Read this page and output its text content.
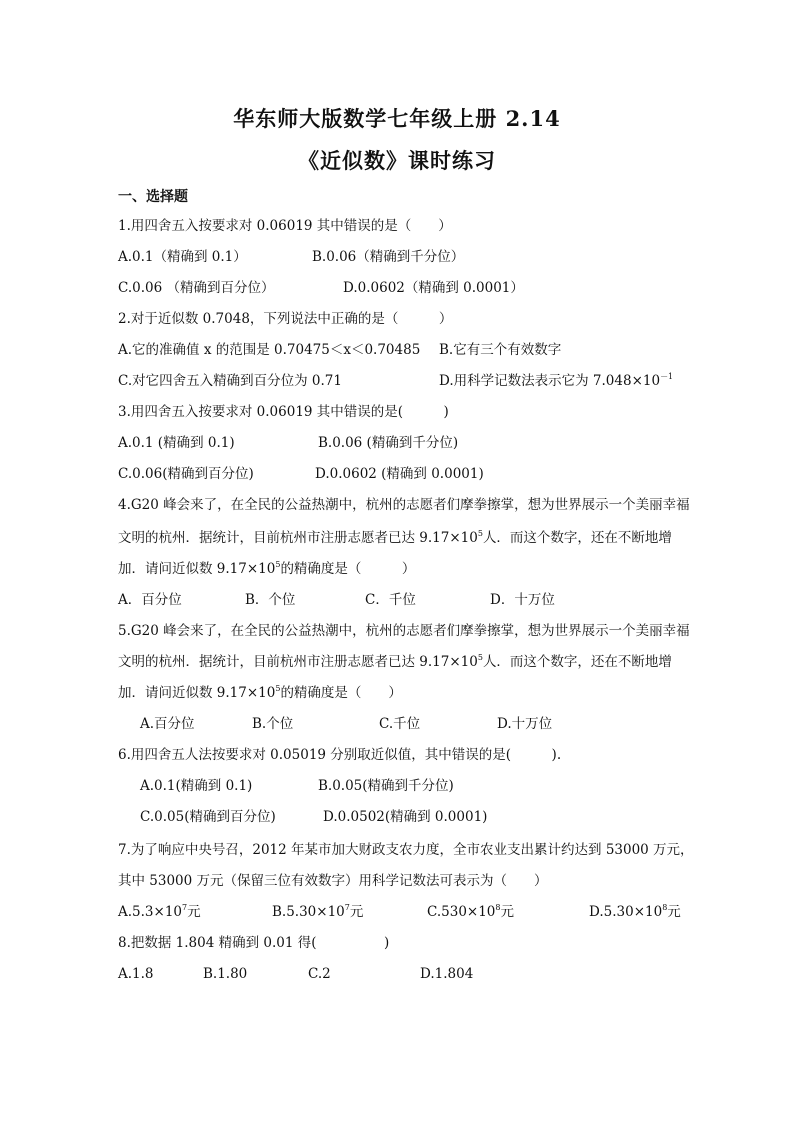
华东师大版数学七年级上册 2.14
《近似数》课时练习
一、选择题
1.用四舍五入按要求对 0.06019 其中错误的是（　　）
A.0.1（精确到 0.1）	B.0.06（精确到千分位）
C.0.06 （精确到百分位）	D.0.0602（精确到 0.0001）
2.对于近似数 0.7048，下列说法中正确的是（　　　）
A.它的准确值 x 的范围是 0.70475＜x＜0.70485 B.它有三个有效数字
C.对它四舍五入精确到百分位为 0.71	D.用科学记数法表示它为 $7.048\times 10^{-1}$
3.用四舍五入按要求对 0.06019 其中错误的是(　　　)
A.0.1 (精确到 0.1)	B.0.06 (精确到千分位)
C.0.06(精确到百分位)	D.0.0602 (精确到 0.0001)
4.G20 峰会来了，在全民的公益热潮中，杭州的志愿者们摩拳擦掌，想为世界展示一个美丽幸福
文明的杭州．据统计，目前杭州市注册志愿者已达 $9.17\times 10^5$人．而这个数字，还在不断地增
加．请问近似数 $9.17\times 10^5$的精确度是（　　　）
A．百分位	B．个位	C．千位	D．十万位
5.G20 峰会来了，在全民的公益热潮中，杭州的志愿者们摩拳擦掌，想为世界展示一个美丽幸福
文明的杭州．据统计，目前杭州市注册志愿者已达 $9.17\times 10^5$人．而这个数字，还在不断地增
加．请问近似数 $9.17\times 10^5$的精确度是（　　）
A.百分位	B.个位	C.千位	D.十万位
6.用四舍五人法按要求对 0.05019 分别取近似值，其中错误的是(　　　).
A.0.1(精确到 0.1)	B.0.05(精确到千分位)
C.0.05(精确到百分位)	D.0.0502(精确到 0.0001)
7.为了响应中央号召，2012 年某市加大财政支农力度，全市农业支出累计约达到 53000 万元，
其中 53000 万元（保留三位有效数字）用科学记数法可表示为（　　）
$A.5.3\times 10^7$元	$B.5.30\times 10^7$元	$C.530\times 10^8$元	$D.5.30\times 10^8$元
8.把数据 1.804 精确到 0.01 得(　　　　　)
A.1.8	B.1.80	C.2	D.1.804
